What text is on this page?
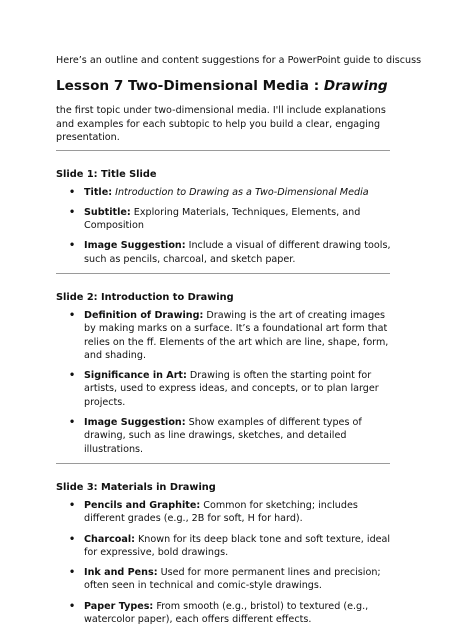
Here’s an outline and content suggestions for a PowerPoint guide to discuss

Lesson 7 Two-Dimensional Media : Drawing

the first topic under two-dimensional media. I'll include explanations and examples for each subtopic to help you build a clear, engaging presentation.

Slide 1: Title Slide
• Title: Introduction to Drawing as a Two-Dimensional Media
• Subtitle: Exploring Materials, Techniques, Elements, and Composition
• Image Suggestion: Include a visual of different drawing tools, such as pencils, charcoal, and sketch paper.
Slide 2: Introduction to Drawing
• Definition of Drawing: Drawing is the art of creating images by making marks on a surface. It’s a foundational art form that relies on the ff. Elements of the art which are line, shape, form, and shading.
• Significance in Art: Drawing is often the starting point for artists, used to express ideas, and concepts, or to plan larger projects.
• Image Suggestion: Show examples of different types of drawing, such as line drawings, sketches, and detailed illustrations.
Slide 3: Materials in Drawing
• Pencils and Graphite: Common for sketching; includes different grades (e.g., 2B for soft, H for hard).
• Charcoal: Known for its deep black tone and soft texture, ideal for expressive, bold drawings.
• Ink and Pens: Used for more permanent lines and precision; often seen in technical and comic-style drawings.
• Paper Types: From smooth (e.g., bristol) to textured (e.g., watercolor paper), each offers different effects.
